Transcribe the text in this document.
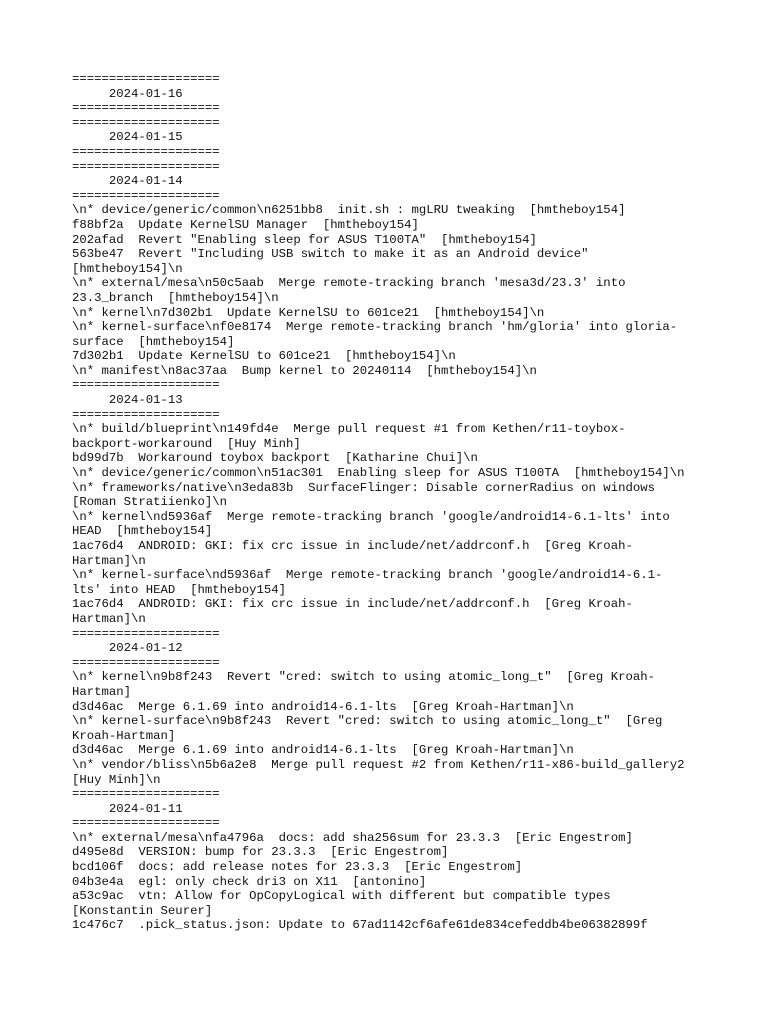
====================
2024-01-16
====================
====================
2024-01-15
====================
====================
2024-01-14
====================
\n* device/generic/common\n6251bb8  init.sh : mgLRU tweaking  [hmtheboy154]
f88bf2a  Update KernelSU Manager  [hmtheboy154]
202afad  Revert "Enabling sleep for ASUS T100TA"  [hmtheboy154]
563be47  Revert "Including USB switch to make it as an Android device"
[hmtheboy154]\n
\n* external/mesa\n50c5aab  Merge remote-tracking branch 'mesa3d/23.3' into
23.3_branch  [hmtheboy154]\n
\n* kernel\n7d302b1  Update KernelSU to 601ce21  [hmtheboy154]\n
\n* kernel-surface\nf0e8174  Merge remote-tracking branch 'hm/gloria' into gloria-
surface  [hmtheboy154]
7d302b1  Update KernelSU to 601ce21  [hmtheboy154]\n
\n* manifest\n8ac37aa  Bump kernel to 20240114  [hmtheboy154]\n
====================
2024-01-13
====================
\n* build/blueprint\n149fd4e  Merge pull request #1 from Kethen/r11-toybox-
backport-workaround  [Huy Minh]
bd99d7b  Workaround toybox backport  [Katharine Chui]\n
\n* device/generic/common\n51ac301  Enabling sleep for ASUS T100TA  [hmtheboy154]\n
\n* frameworks/native\n3eda83b  SurfaceFlinger: Disable cornerRadius on windows
[Roman Stratiienko]\n
\n* kernel\nd5936af  Merge remote-tracking branch 'google/android14-6.1-lts' into
HEAD  [hmtheboy154]
1ac76d4  ANDROID: GKI: fix crc issue in include/net/addrconf.h  [Greg Kroah-
Hartman]\n
\n* kernel-surface\nd5936af  Merge remote-tracking branch 'google/android14-6.1-
lts' into HEAD  [hmtheboy154]
1ac76d4  ANDROID: GKI: fix crc issue in include/net/addrconf.h  [Greg Kroah-
Hartman]\n
====================
2024-01-12
====================
\n* kernel\n9b8f243  Revert "cred: switch to using atomic_long_t"  [Greg Kroah-
Hartman]
d3d46ac  Merge 6.1.69 into android14-6.1-lts  [Greg Kroah-Hartman]\n
\n* kernel-surface\n9b8f243  Revert "cred: switch to using atomic_long_t"  [Greg
Kroah-Hartman]
d3d46ac  Merge 6.1.69 into android14-6.1-lts  [Greg Kroah-Hartman]\n
\n* vendor/bliss\n5b6a2e8  Merge pull request #2 from Kethen/r11-x86-build_gallery2
[Huy Minh]\n
====================
2024-01-11
====================
\n* external/mesa\nfa4796a  docs: add sha256sum for 23.3.3  [Eric Engestrom]
d495e8d  VERSION: bump for 23.3.3  [Eric Engestrom]
bcd106f  docs: add release notes for 23.3.3  [Eric Engestrom]
04b3e4a  egl: only check dri3 on X11  [antonino]
a53c9ac  vtn: Allow for OpCopyLogical with different but compatible types
[Konstantin Seurer]
1c476c7  .pick_status.json: Update to 67ad1142cf6afe61de834cefeddb4be06382899f
